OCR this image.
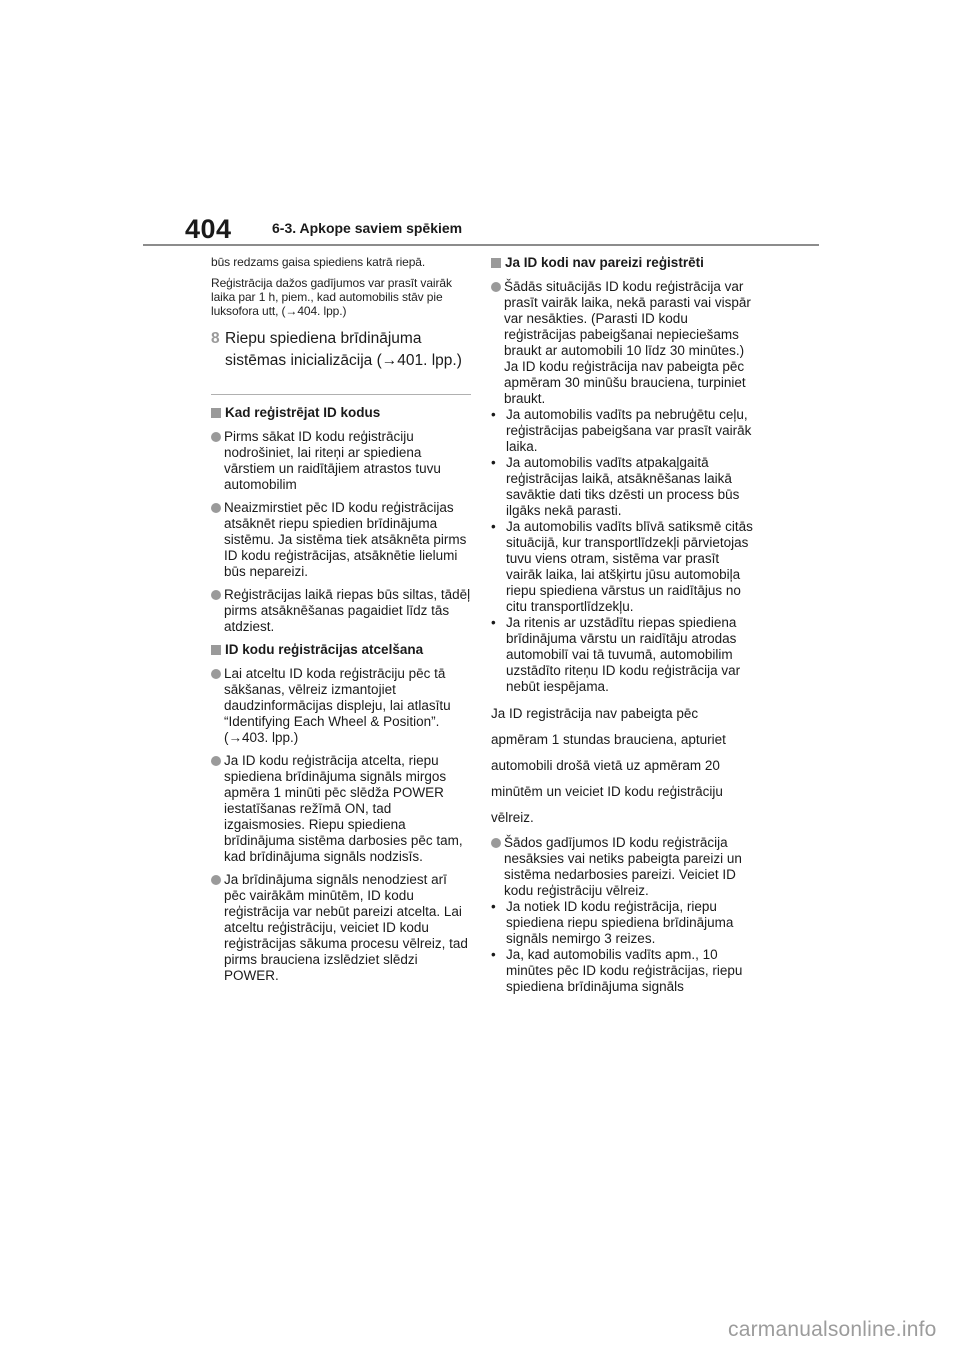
404	6-3. Apkope saviem spēkiem
būs redzams gaisa spiediens katrā riepā.
Reģistrācija dažos gadījumos var prasīt vairāk laika par 1 h, piem., kad automobilis stāv pie luksofora utt, (→404. lpp.)
8 Riepu spiediena brīdinājuma sistēmas inicializācija (→401. lpp.)
Kad reģistrējat ID kodus
Pirms sākat ID kodu reģistrāciju nodrošiniet, lai riteņi ar spiediena vārstiem un raidītājiem atrastos tuvu automobilim
Neaizmirstiet pēc ID kodu reģistrācijas atsāknēt riepu spiedien brīdinājuma sistēmu. Ja sistēma tiek atsāknēta pirms ID kodu reģistrācijas, atsāknētie lielumi būs nepareizi.
Reģistrācijas laikā riepas būs siltas, tādēļ pirms atsāknēšanas pagaidiet līdz tās atdziest.
ID kodu reģistrācijas atcelšana
Lai atceltu ID koda reģistrāciju pēc tā sākšanas, vēlreiz izmantojiet daudzinformācijas displeju, lai atlasītu “Identifying Each Wheel & Position”. (→403. lpp.)
Ja ID kodu reģistrācija atcelta, riepu spiediena brīdinājuma signāls mirgos apmēra 1 minūti pēc slēdža POWER iestatīšanas režīmā ON, tad izgaismosies. Riepu spiediena brīdinājuma sistēma darbosies pēc tam, kad brīdinājuma signāls nodzisīs.
Ja brīdinājuma signāls nenodziest arī pēc vairākām minūtēm, ID kodu reģistrācija var nebūt pareizi atcelta. Lai atceltu reģistrāciju, veiciet ID kodu reģistrācijas sākuma procesu vēlreiz, tad pirms brauciena izslēdziet slēdzi POWER.
Ja ID kodi nav pareizi reģistrēti
Šādās situācijās ID kodu reģistrācija var prasīt vairāk laika, nekā parasti vai vispār var nesākties. (Parasti ID kodu reģistrācijas pabeigšanai nepieciešams braukt ar automobili 10 līdz 30 minūtes.) Ja ID kodu reģistrācija nav pabeigta pēc apmēram 30 minūšu brauciena, turpiniet braukt.
• Ja automobilis vadīts pa nebruģētu ceļu, reģistrācijas pabeigšana var prasīt vairāk laika.
• Ja automobilis vadīts atpakaļgaitā reģistrācijas laikā, atsāknēšanas laikā savāktie dati tiks dzēsti un process būs ilgāks nekā parasti.
• Ja automobilis vadīts blīvā satiksmē citās situācijā, kur transportlīdzekļi pārvietojas tuvu viens otram, sistēma var prasīt vairāk laika, lai atšķirtu jūsu automobiļa riepu spiediena vārstus un raidītājus no citu transportlīdzekļu.
• Ja ritenis ar uzstādītu riepas spiediena brīdinājuma vārstu un raidītāju atrodas automobilī vai tā tuvumā, automobilim uzstādīto riteņu ID kodu reģistrācija var nebūt iespējama.
Ja ID registrācija nav pabeigta pēc apmēram 1 stundas brauciena, apturiet automobili drošā vietā uz apmēram 20 minūtēm un veiciet ID kodu reģistrāciju vēlreiz.
Šādos gadījumos ID kodu reģistrācija nesāksies vai netiks pabeigta pareizi un sistēma nedarbosies pareizi. Veiciet ID kodu reģistrāciju vēlreiz.
• Ja notiek ID kodu reģistrācija, riepu spiediena riepu spiediena brīdinājuma signāls nemirgo 3 reizes.
• Ja, kad automobilis vadīts apm., 10 minūtes pēc ID kodu reģistrācijas, riepu spiediena brīdinājuma signāls
carmanualsonline.info
